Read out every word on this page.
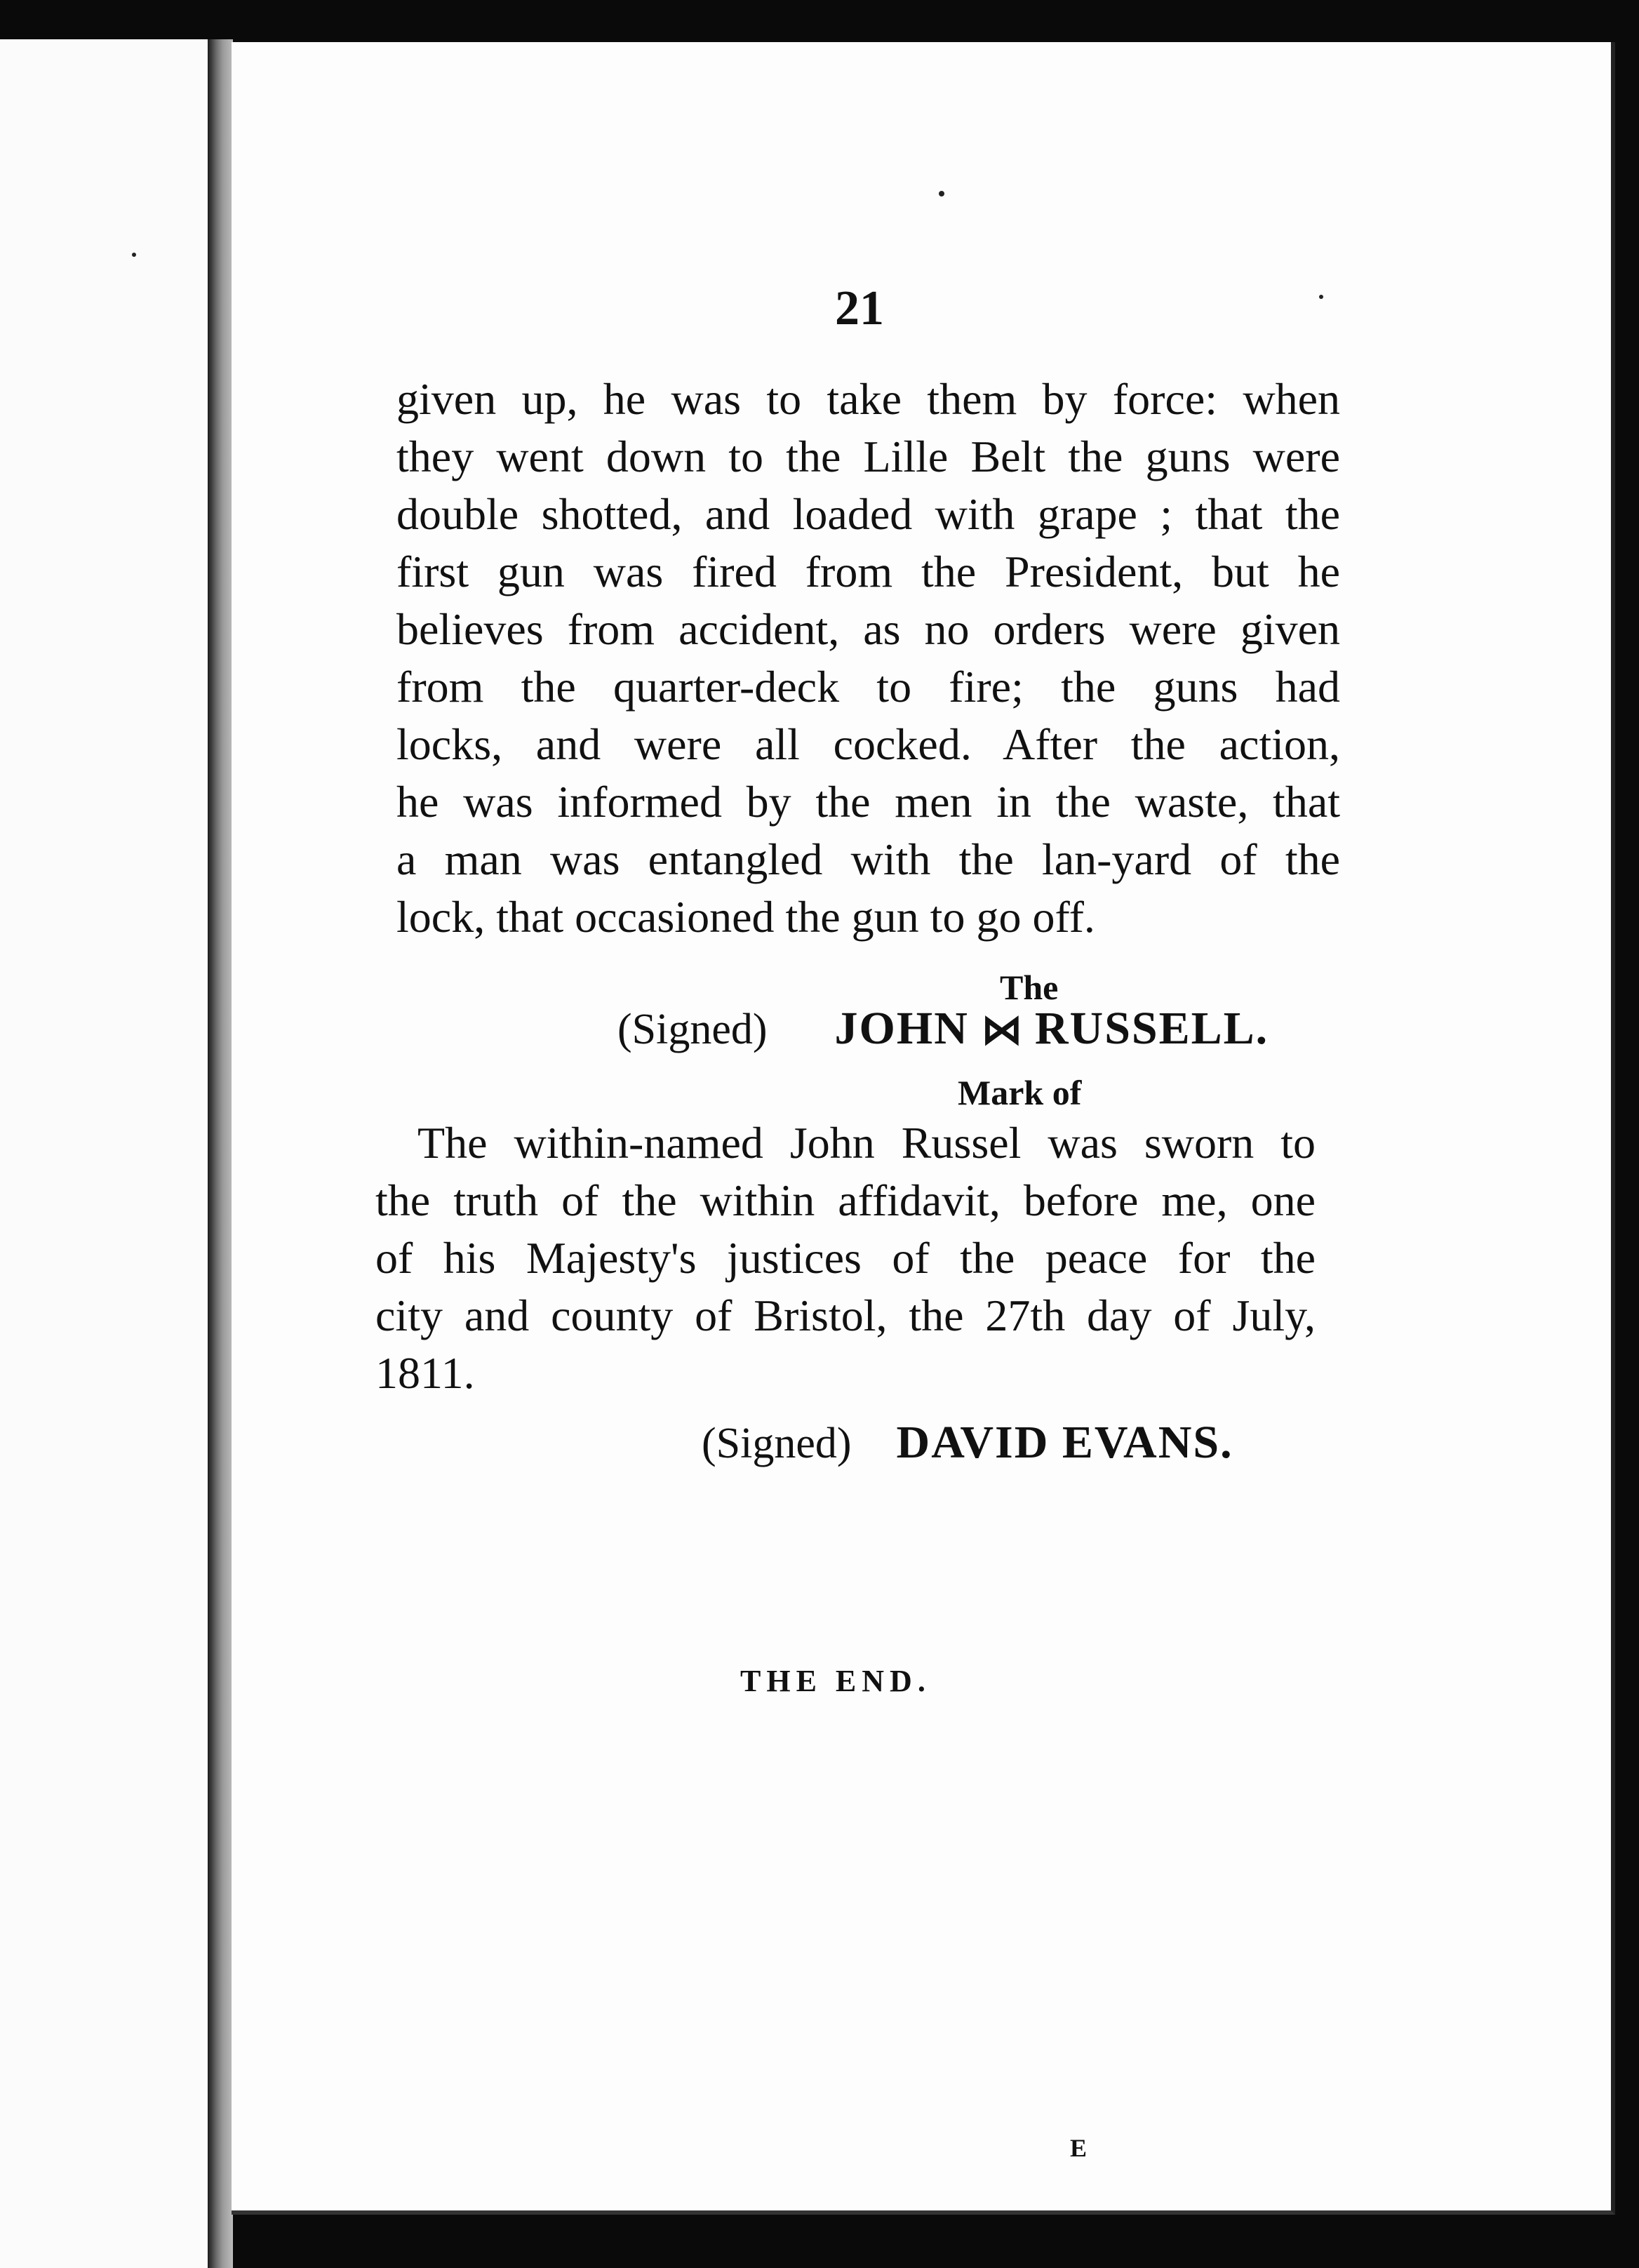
21
given up, he was to take them by force: when
they went down to the Lille Belt the guns were
double shotted, and loaded with grape ; that the
first gun was fired from the President, but he
believes from accident, as no orders were given
from the quarter-deck to fire; the guns had
locks, and were all cocked. After the action,
he was informed by the men in the waste, that
a man was entangled with the lan-yard of the
lock, that occasioned the gun to go off.
The
(Signed) JOHN ⋈ RUSSELL.
Mark of
The within-named John Russel was sworn to
the truth of the within affidavit, before me, one
of his Majesty's justices of the peace for the
city and county of Bristol, the 27th day of July,
1811.
(Signed) DAVID EVANS.
THE END.
E
